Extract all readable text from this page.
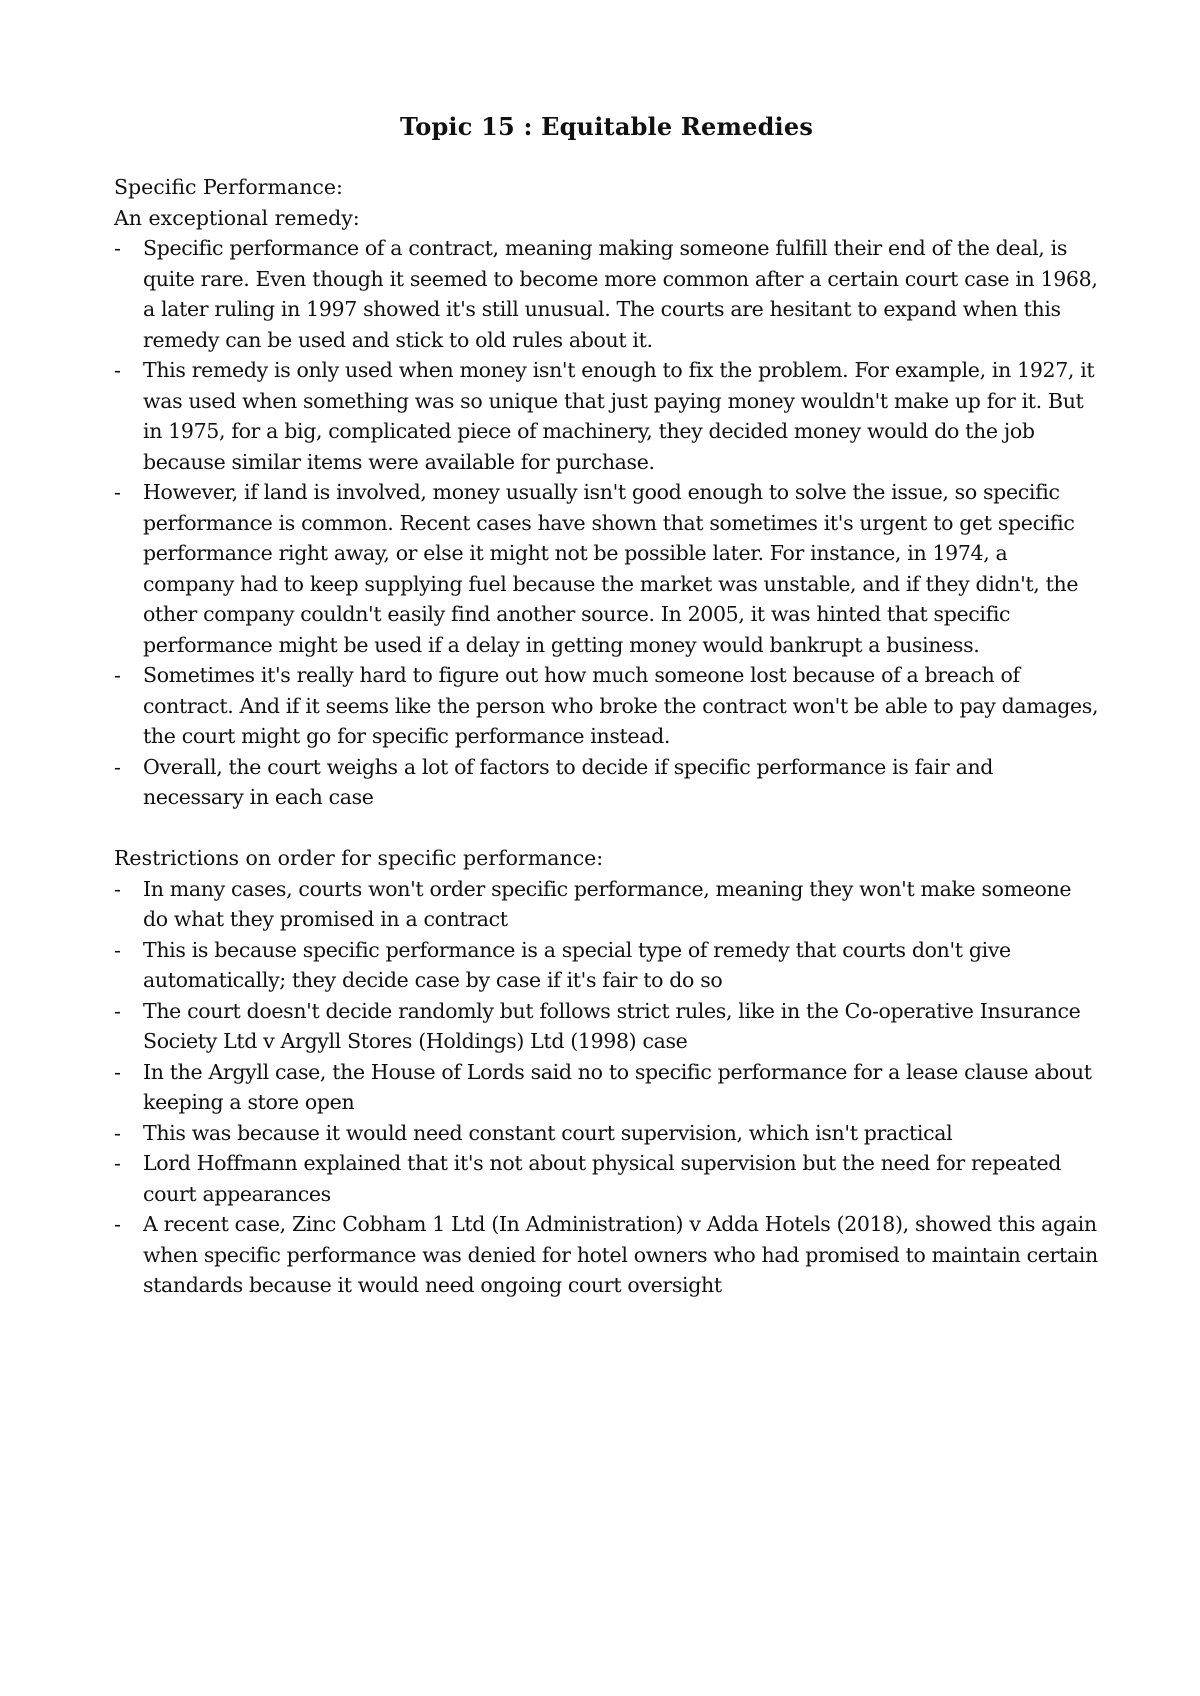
Topic 15 : Equitable Remedies

Specific Performance:

An exceptional remedy:

-	Specific performance of a contract, meaning making someone fulfill their end of the deal, is quite rare. Even though it seemed to become more common after a certain court case in 1968, a later ruling in 1997 showed it's still unusual. The courts are hesitant to expand when this remedy can be used and stick to old rules about it.
-	This remedy is only used when money isn't enough to fix the problem. For example, in 1927, it was used when something was so unique that just paying money wouldn't make up for it. But in 1975, for a big, complicated piece of machinery, they decided money would do the job because similar items were available for purchase.
-	However, if land is involved, money usually isn't good enough to solve the issue, so specific performance is common. Recent cases have shown that sometimes it's urgent to get specific performance right away, or else it might not be possible later. For instance, in 1974, a company had to keep supplying fuel because the market was unstable, and if they didn't, the other company couldn't easily find another source. In 2005, it was hinted that specific performance might be used if a delay in getting money would bankrupt a business.
-	Sometimes it's really hard to figure out how much someone lost because of a breach of contract. And if it seems like the person who broke the contract won't be able to pay damages, the court might go for specific performance instead.
-	Overall, the court weighs a lot of factors to decide if specific performance is fair and necessary in each case

Restrictions on order for specific performance:

-	In many cases, courts won't order specific performance, meaning they won't make someone do what they promised in a contract
-	This is because specific performance is a special type of remedy that courts don't give automatically; they decide case by case if it's fair to do so
-	The court doesn't decide randomly but follows strict rules, like in the Co-operative Insurance Society Ltd v Argyll Stores (Holdings) Ltd (1998) case
-	In the Argyll case, the House of Lords said no to specific performance for a lease clause about keeping a store open
-	This was because it would need constant court supervision, which isn't practical
-	Lord Hoffmann explained that it's not about physical supervision but the need for repeated court appearances
-	A recent case, Zinc Cobham 1 Ltd (In Administration) v Adda Hotels (2018), showed this again when specific performance was denied for hotel owners who had promised to maintain certain standards because it would need ongoing court oversight
